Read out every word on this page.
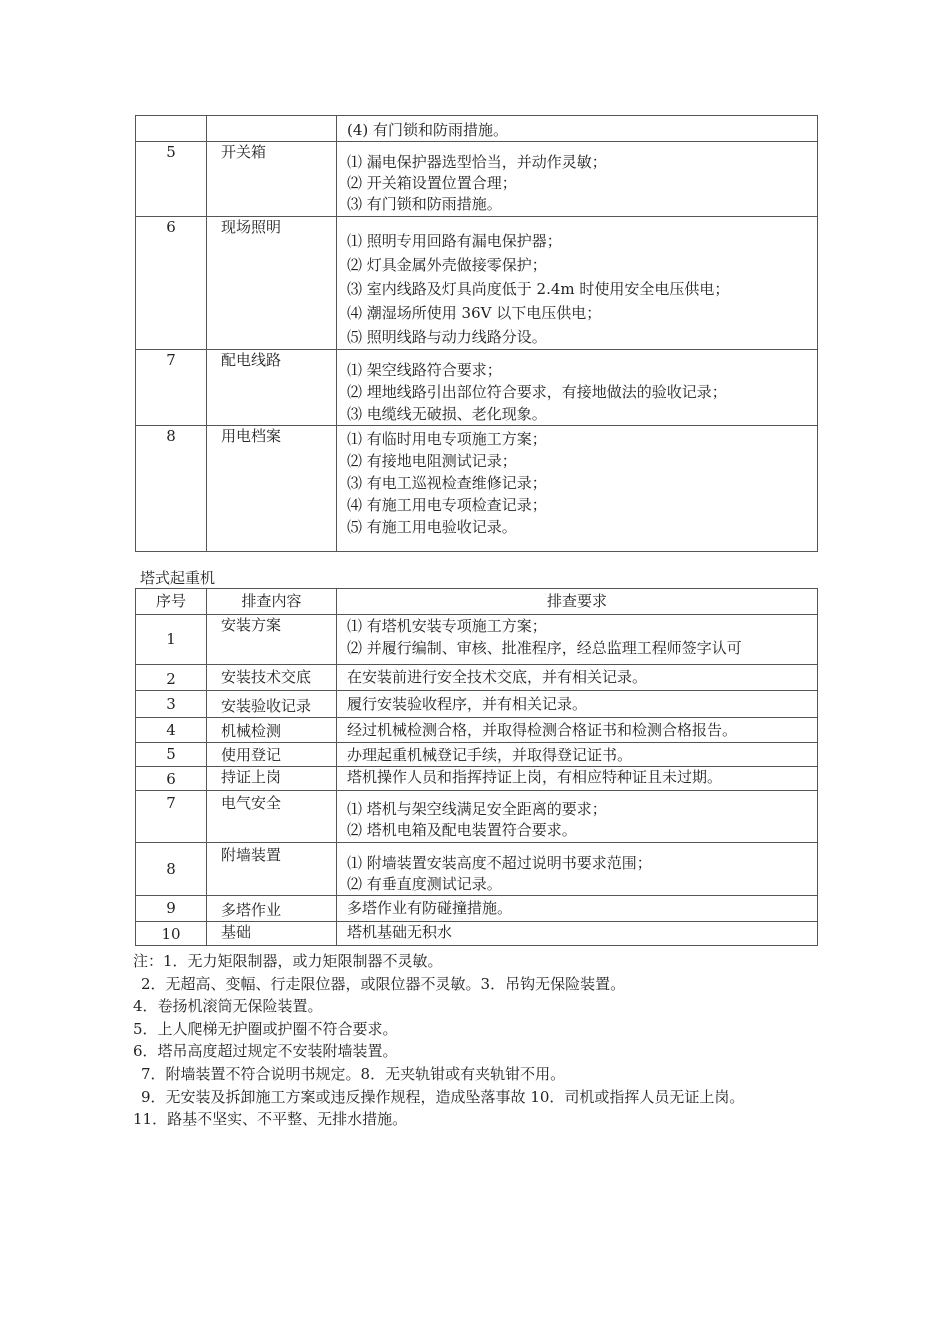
		(4) 有门锁和防雨措施。

5	开关箱	⑴ 漏电保护器选型恰当，并动作灵敏；
⑵ 开关箱设置位置合理；
⑶ 有门锁和防雨措施。

6	现场照明	⑴ 照明专用回路有漏电保护器；
⑵ 灯具金属外壳做接零保护；
⑶ 室内线路及灯具尚度低于 2.4m 时使用安全电压供电；
⑷ 潮湿场所使用 36V 以下电压供电；
⑸ 照明线路与动力线路分设。

7	配电线路	⑴ 架空线路符合要求；
⑵ 埋地线路引出部位符合要求，有接地做法的验收记录；
⑶ 电缆线无破损、老化现象。

8	用电档案	⑴ 有临时用电专项施工方案；
⑵ 有接地电阻测试记录；
⑶ 有电工巡视检查维修记录；
⑷ 有施工用电专项检查记录；
⑸ 有施工用电验收记录。
塔式起重机
序号	排查内容	排查要求
1	安装方案	⑴ 有塔机安装专项施工方案；
⑵ 并履行编制、审核、批准程序，经总监理工程师签字认可

2	安装技术交底	在安装前进行安全技术交底，并有相关记录。

3	安装验收记录	履行安装验收程序，并有相关记录。

4	机械检测	经过机械检测合格，并取得检测合格证书和检测合格报告。

5	使用登记	办理起重机械登记手续，并取得登记证书。

6	持证上岗	塔机操作人员和指挥持证上岗，有相应特种证且未过期。

7	电气安全	⑴ 塔机与架空线满足安全距离的要求；
⑵ 塔机电箱及配电装置符合要求。

8	附墙装置	⑴ 附墙装置安装高度不超过说明书要求范围；
⑵ 有垂直度测试记录。

9	多塔作业	多塔作业有防碰撞措施。

10	基础	塔机基础无积水
注：1．无力矩限制器，或力矩限制器不灵敏。
2．无超高、变幅、行走限位器，或限位器不灵敏。3．吊钩无保险装置。
4．卷扬机滚筒无保险装置。
5．上人爬梯无护圈或护圈不符合要求。
6．塔吊高度超过规定不安装附墙装置。
7．附墙装置不符合说明书规定。8．无夹轨钳或有夹轨钳不用。
9．无安装及拆卸施工方案或违反操作规程，造成坠落事故 10．司机或指挥人员无证上岗。
11．路基不坚实、不平整、无排水措施。
